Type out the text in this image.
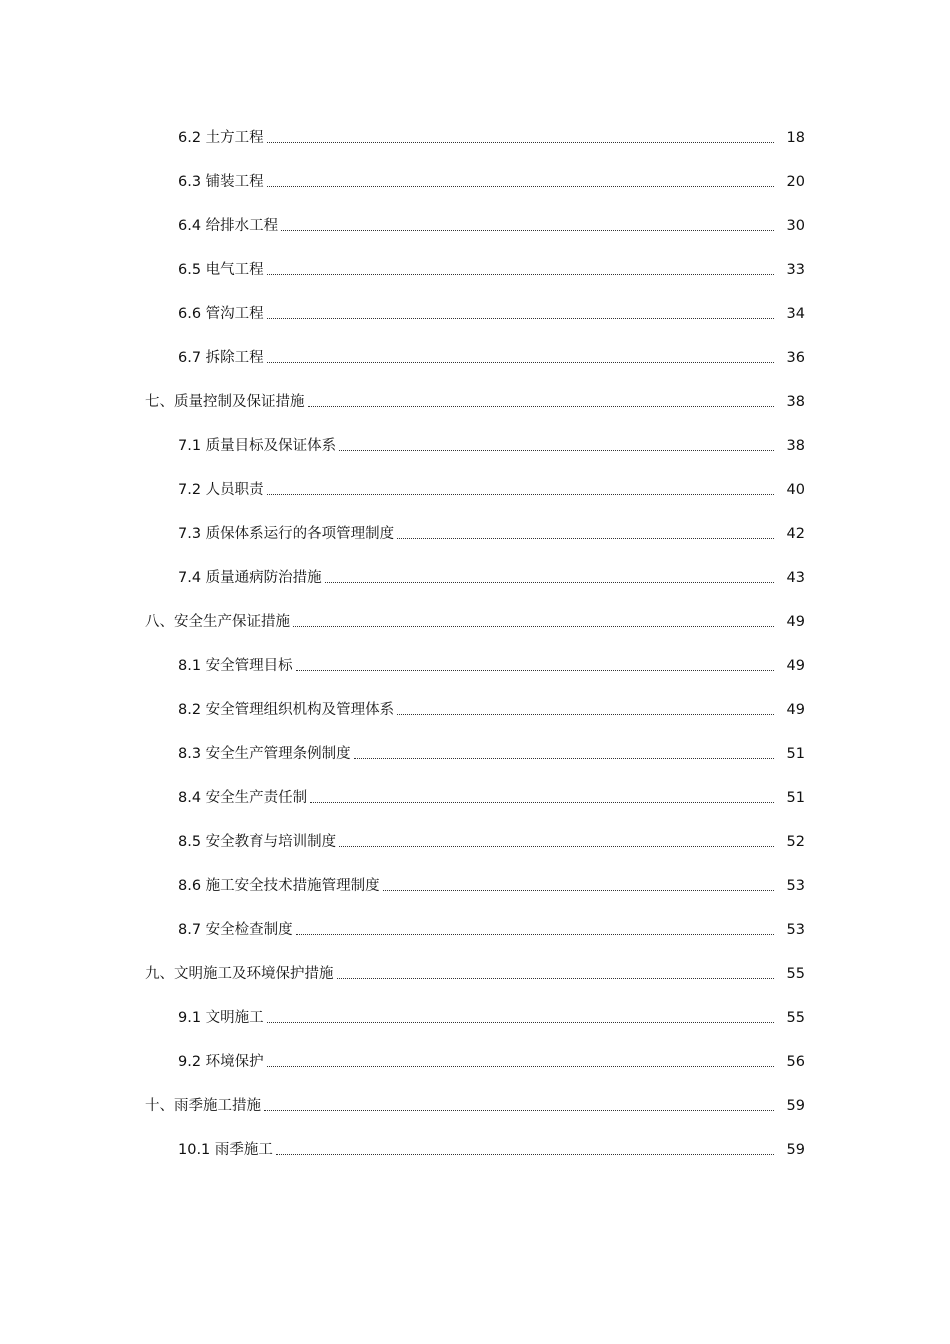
6.2 土方工程	18
6.3 铺装工程	20
6.4 给排水工程	30
6.5 电气工程	33
6.6 管沟工程	34
6.7 拆除工程	36
七、质量控制及保证措施	38
7.1 质量目标及保证体系	38
7.2 人员职责	40
7.3 质保体系运行的各项管理制度	42
7.4 质量通病防治措施	43
八、安全生产保证措施	49
8.1 安全管理目标	49
8.2 安全管理组织机构及管理体系	49
8.3 安全生产管理条例制度	51
8.4 安全生产责任制	51
8.5 安全教育与培训制度	52
8.6 施工安全技术措施管理制度	53
8.7 安全检查制度	53
九、文明施工及环境保护措施	55
9.1 文明施工	55
9.2 环境保护	56
十、雨季施工措施	59
10.1 雨季施工	59
